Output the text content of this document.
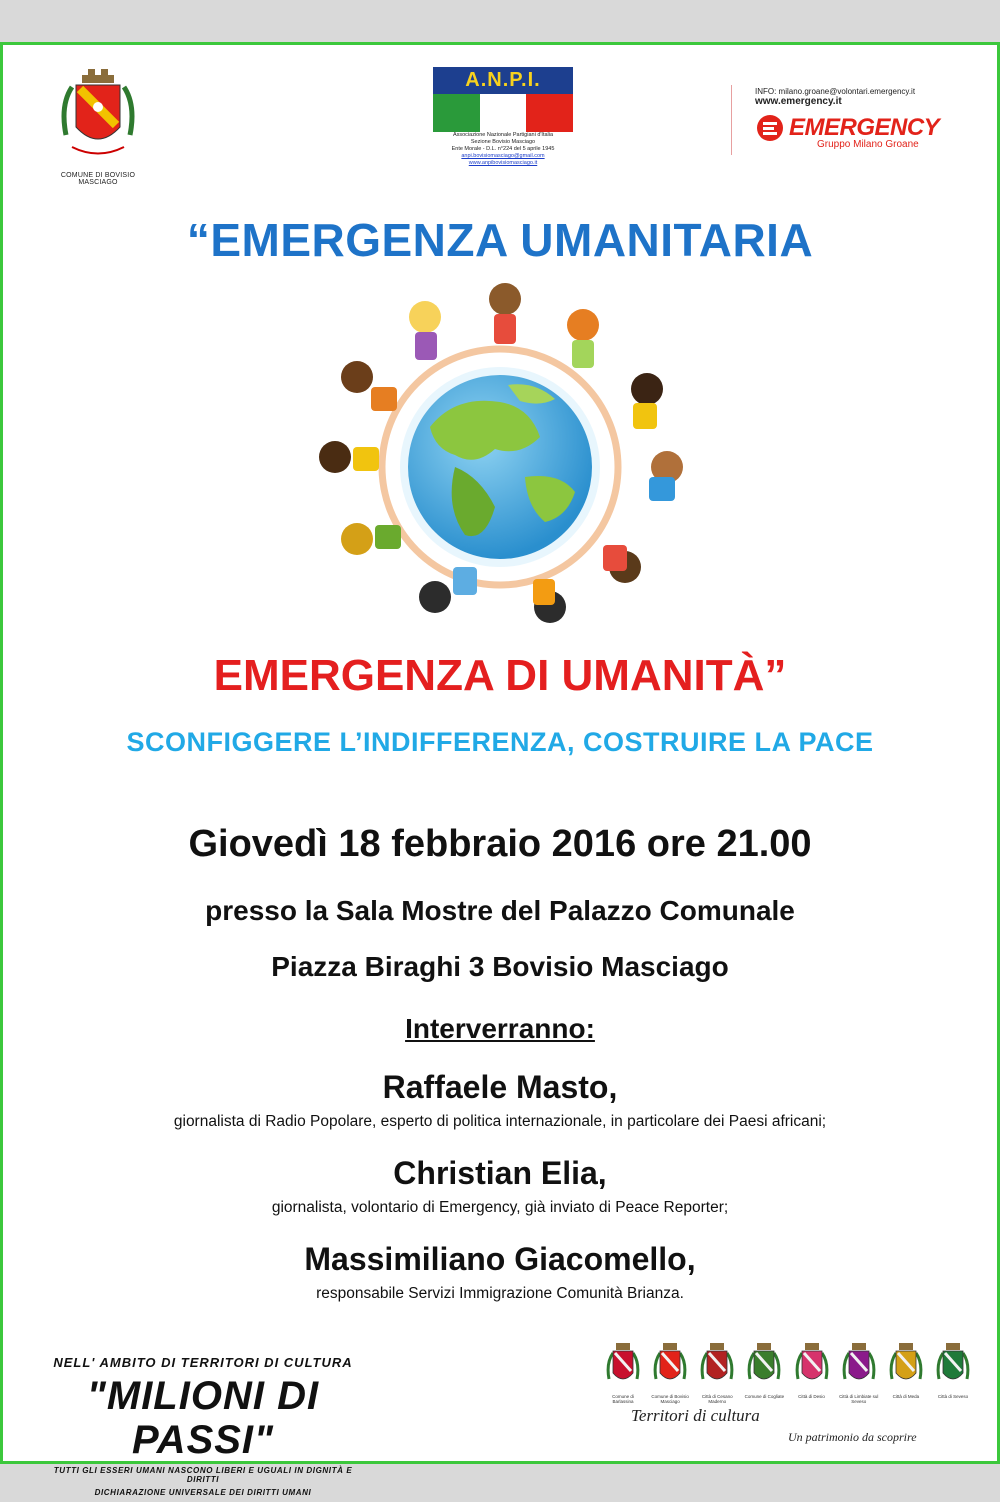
COMUNE DI BOVISIO MASCIAGO
A.N.P.I.
Associazione Nazionale Partigiani d'Italia
Sezione Bovisio Masciago
Ente Morale - D.L. n°224 del 5 aprile 1945
anpi.bovisiomasciago@gmail.com
www.anpibovisiomasciago.it
INFO: milano.groane@volontari.emergency.it
www.emergency.it
EMERGENCY
Gruppo Milano Groane
“EMERGENZA UMANITARIA
EMERGENZA DI UMANITÀ”
SCONFIGGERE L’INDIFFERENZA, COSTRUIRE LA PACE
Giovedì 18 febbraio 2016 ore 21.00
presso la Sala Mostre del Palazzo Comunale
Piazza Biraghi 3 Bovisio Masciago
Interverranno:
Raffaele Masto,
giornalista di Radio Popolare, esperto di politica internazionale, in particolare dei Paesi africani;
Christian Elia,
giornalista, volontario di Emergency, già inviato di Peace Reporter;
Massimiliano Giacomello,
responsabile Servizi Immigrazione Comunità Brianza.
NELL' AMBITO DI TERRITORI DI CULTURA
"MILIONI DI PASSI"
TUTTI GLI ESSERI UMANI NASCONO LIBERI E UGUALI IN DIGNITÀ E DIRITTI
DICHIARAZIONE UNIVERSALE DEI DIRITTI UMANI
Comune di Barlassina
Comune di Bovisio Masciago
Città di Cesano Maderno
Comune di Cogliate	Città di Desio	Città di Limbiate sul Seveso
Città di Meda	Città di Seveso
Territori di cultura
Un patrimonio da scoprire
